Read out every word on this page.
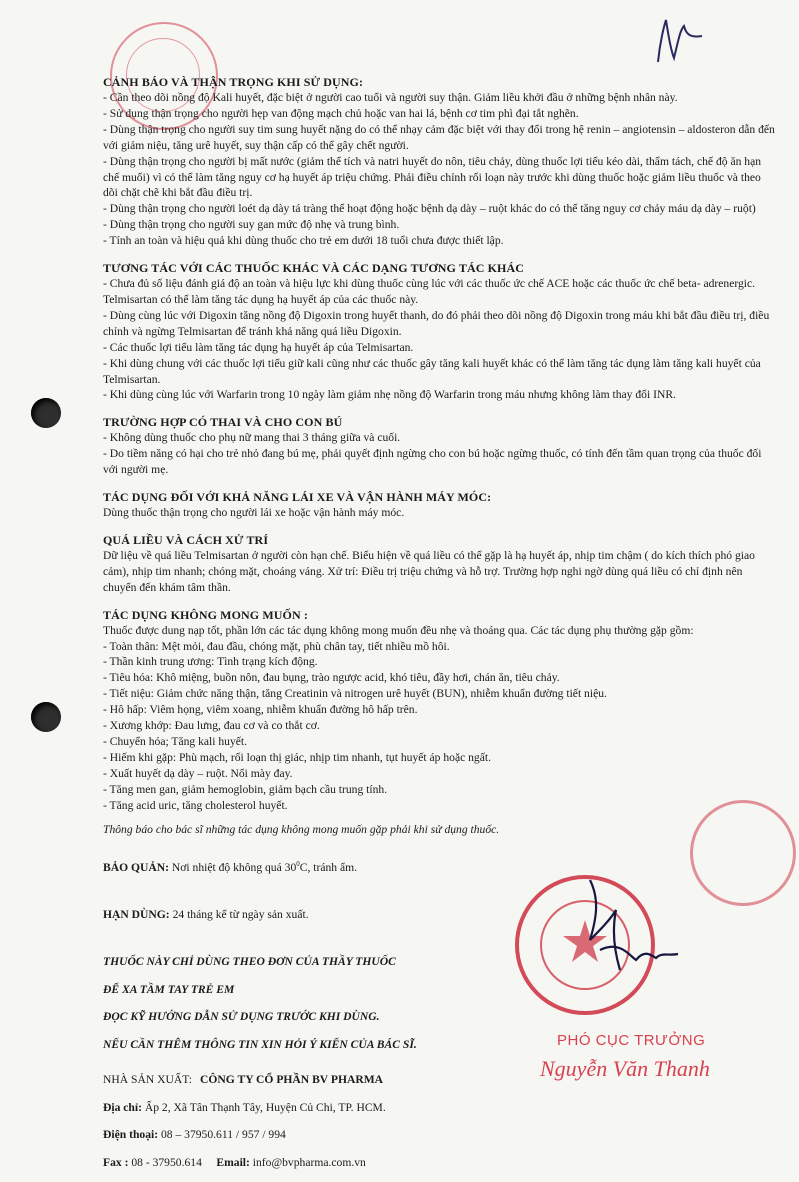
CẢNH BÁO VÀ THẬN TRỌNG KHI SỬ DỤNG:

- Cần theo dõi nồng độ Kali huyết, đặc biệt ở người cao tuổi và người suy thận. Giảm liều khởi đầu ở những bệnh nhân này.

- Sử dụng thận trọng cho người hẹp van động mạch chủ hoặc van hai lá, bệnh cơ tim phì đại tắt nghẽn.

- Dùng thận trọng cho người suy tim sung huyết nặng do có thể nhạy cảm đặc biệt với thay đổi trong hệ renin – angiotensin – aldosteron dẫn đến với giảm niệu, tăng urê huyết, suy thận cấp có thể gây chết người.

- Dùng thận trọng cho người bị mất nước (giảm thể tích và natri huyết do nôn, tiêu chảy, dùng thuốc lợi tiểu kéo dài, thẩm tách, chế độ ăn hạn chế muối) vì có thể làm tăng nguy cơ hạ huyết áp triệu chứng. Phải điều chỉnh rối loạn này trước khi dùng thuốc hoặc giảm liều thuốc và theo dõi chặt chẽ khi bắt đầu điều trị.

- Dùng thận trọng cho người loét dạ dày tá tràng thể hoạt động hoặc bệnh dạ dày – ruột khác do có thể tăng nguy cơ chảy máu dạ dày – ruột)

- Dùng thận trọng cho người suy gan mức độ nhẹ và trung bình.

- Tính an toàn và hiệu quả khi dùng thuốc cho trẻ em dưới 18 tuổi chưa được thiết lập.

TƯƠNG TÁC VỚI CÁC THUỐC KHÁC VÀ CÁC DẠNG TƯƠNG TÁC KHÁC

- Chưa đủ số liệu đánh giá độ an toàn và hiệu lực khi dùng thuốc cùng lúc với các thuốc ức chế ACE hoặc các thuốc ức chế beta- adrenergic. Telmisartan có thể làm tăng tác dụng hạ huyết áp của các thuốc này.

- Dùng cùng lúc với Digoxin tăng nồng độ Digoxin trong huyết thanh, do đó phải theo dõi nồng độ Digoxin trong máu khi bắt đầu điều trị, điều chỉnh và ngừng Telmisartan để tránh khả năng quá liều Digoxin.

- Các thuốc lợi tiểu làm tăng tác dụng hạ huyết áp của Telmisartan.

- Khi dùng chung với các thuốc lợi tiểu giữ kali cũng như các thuốc gây tăng kali huyết khác có thể làm tăng tác dụng làm tăng kali huyết của Telmisartan.

- Khi dùng cùng lúc với Warfarin trong 10 ngày làm giảm nhẹ nồng độ Warfarin trong máu nhưng không làm thay đổi INR.

TRƯỜNG HỢP CÓ THAI VÀ CHO CON BÚ

- Không dùng thuốc cho phụ nữ mang thai 3 tháng giữa và cuối.

- Do tiềm năng có hại cho trẻ nhỏ đang bú mẹ, phải quyết định ngừng cho con bú hoặc ngừng thuốc, có tính đến tầm quan trọng của thuốc đối với người mẹ.

TÁC DỤNG ĐỐI VỚI KHẢ NĂNG LÁI XE VÀ VẬN HÀNH MÁY MÓC:

Dùng thuốc thận trọng cho người lái xe hoặc vận hành máy móc.

QUÁ LIỀU VÀ CÁCH XỬ TRÍ

Dữ liệu về quá liều Telmisartan ở người còn hạn chế. Biểu hiện về quá liều có thể gặp là hạ huyết áp, nhịp tim chậm ( do kích thích phó giao cảm), nhịp tim nhanh; chóng mặt, choáng váng. Xử trí: Điều trị triệu chứng và hỗ trợ. Trường hợp nghi ngờ dùng quá liều có chỉ định nên chuyển đến khám tâm thần.

TÁC DỤNG KHÔNG MONG MUỐN :

Thuốc được dung nạp tốt, phần lớn các tác dụng không mong muốn đều nhẹ và thoáng qua. Các tác dụng phụ thường gặp gồm:

- Toàn thân: Mệt mỏi, đau đầu, chóng mặt, phù chân tay, tiết nhiều mồ hôi.

- Thần kinh trung ương: Tình trạng kích động.

- Tiêu hóa: Khô miệng, buồn nôn, đau bụng, trào ngược acid, khó tiêu, đầy hơi, chán ăn, tiêu chảy.

- Tiết niệu: Giảm chức năng thận, tăng Creatinin và nitrogen urê huyết (BUN), nhiễm khuẩn đường tiết niệu.

- Hô hấp: Viêm họng, viêm xoang, nhiễm khuẩn đường hô hấp trên.

- Xương khớp: Đau lưng, đau cơ và co thắt cơ.

- Chuyển hóa; Tăng kali huyết.

- Hiếm khi gặp: Phù mạch, rối loạn thị giác, nhịp tim nhanh, tụt huyết áp hoặc ngất.

- Xuất huyết dạ dày – ruột. Nổi mày đay.

- Tăng men gan, giảm hemoglobin, giảm bạch cầu trung tính.

- Tăng acid uric, tăng cholesterol huyết.

Thông báo cho bác sĩ những tác dụng không mong muốn gặp phải khi sử dụng thuốc.

BẢO QUẢN: Nơi nhiệt độ không quá $30^0C$, tránh ẩm.

HẠN DÙNG: 24 tháng kể từ ngày sản xuất.

THUỐC NÀY CHỈ DÙNG THEO ĐƠN CỦA THẦY THUỐC

ĐỂ XA TẦM TAY TRẺ EM

ĐỌC KỸ HƯỚNG DẪN SỬ DỤNG TRƯỚC KHI DÙNG.

NẾU CẦN THÊM THÔNG TIN XIN HỎI Ý KIẾN CỦA BÁC SĨ.

NHÀ SẢN XUẤT: CÔNG TY CỔ PHẦN BV PHARMA

Địa chỉ: Ấp 2, Xã Tân Thạnh Tây, Huyện Củ Chi, TP. HCM.

Điện thoại: 08 – 37950.611 / 957 / 994

Fax : 08 - 37950.614 Email: info@bvpharma.com.vn

PHÓ CỤC TRƯỞNG
Nguyễn Văn Thanh
